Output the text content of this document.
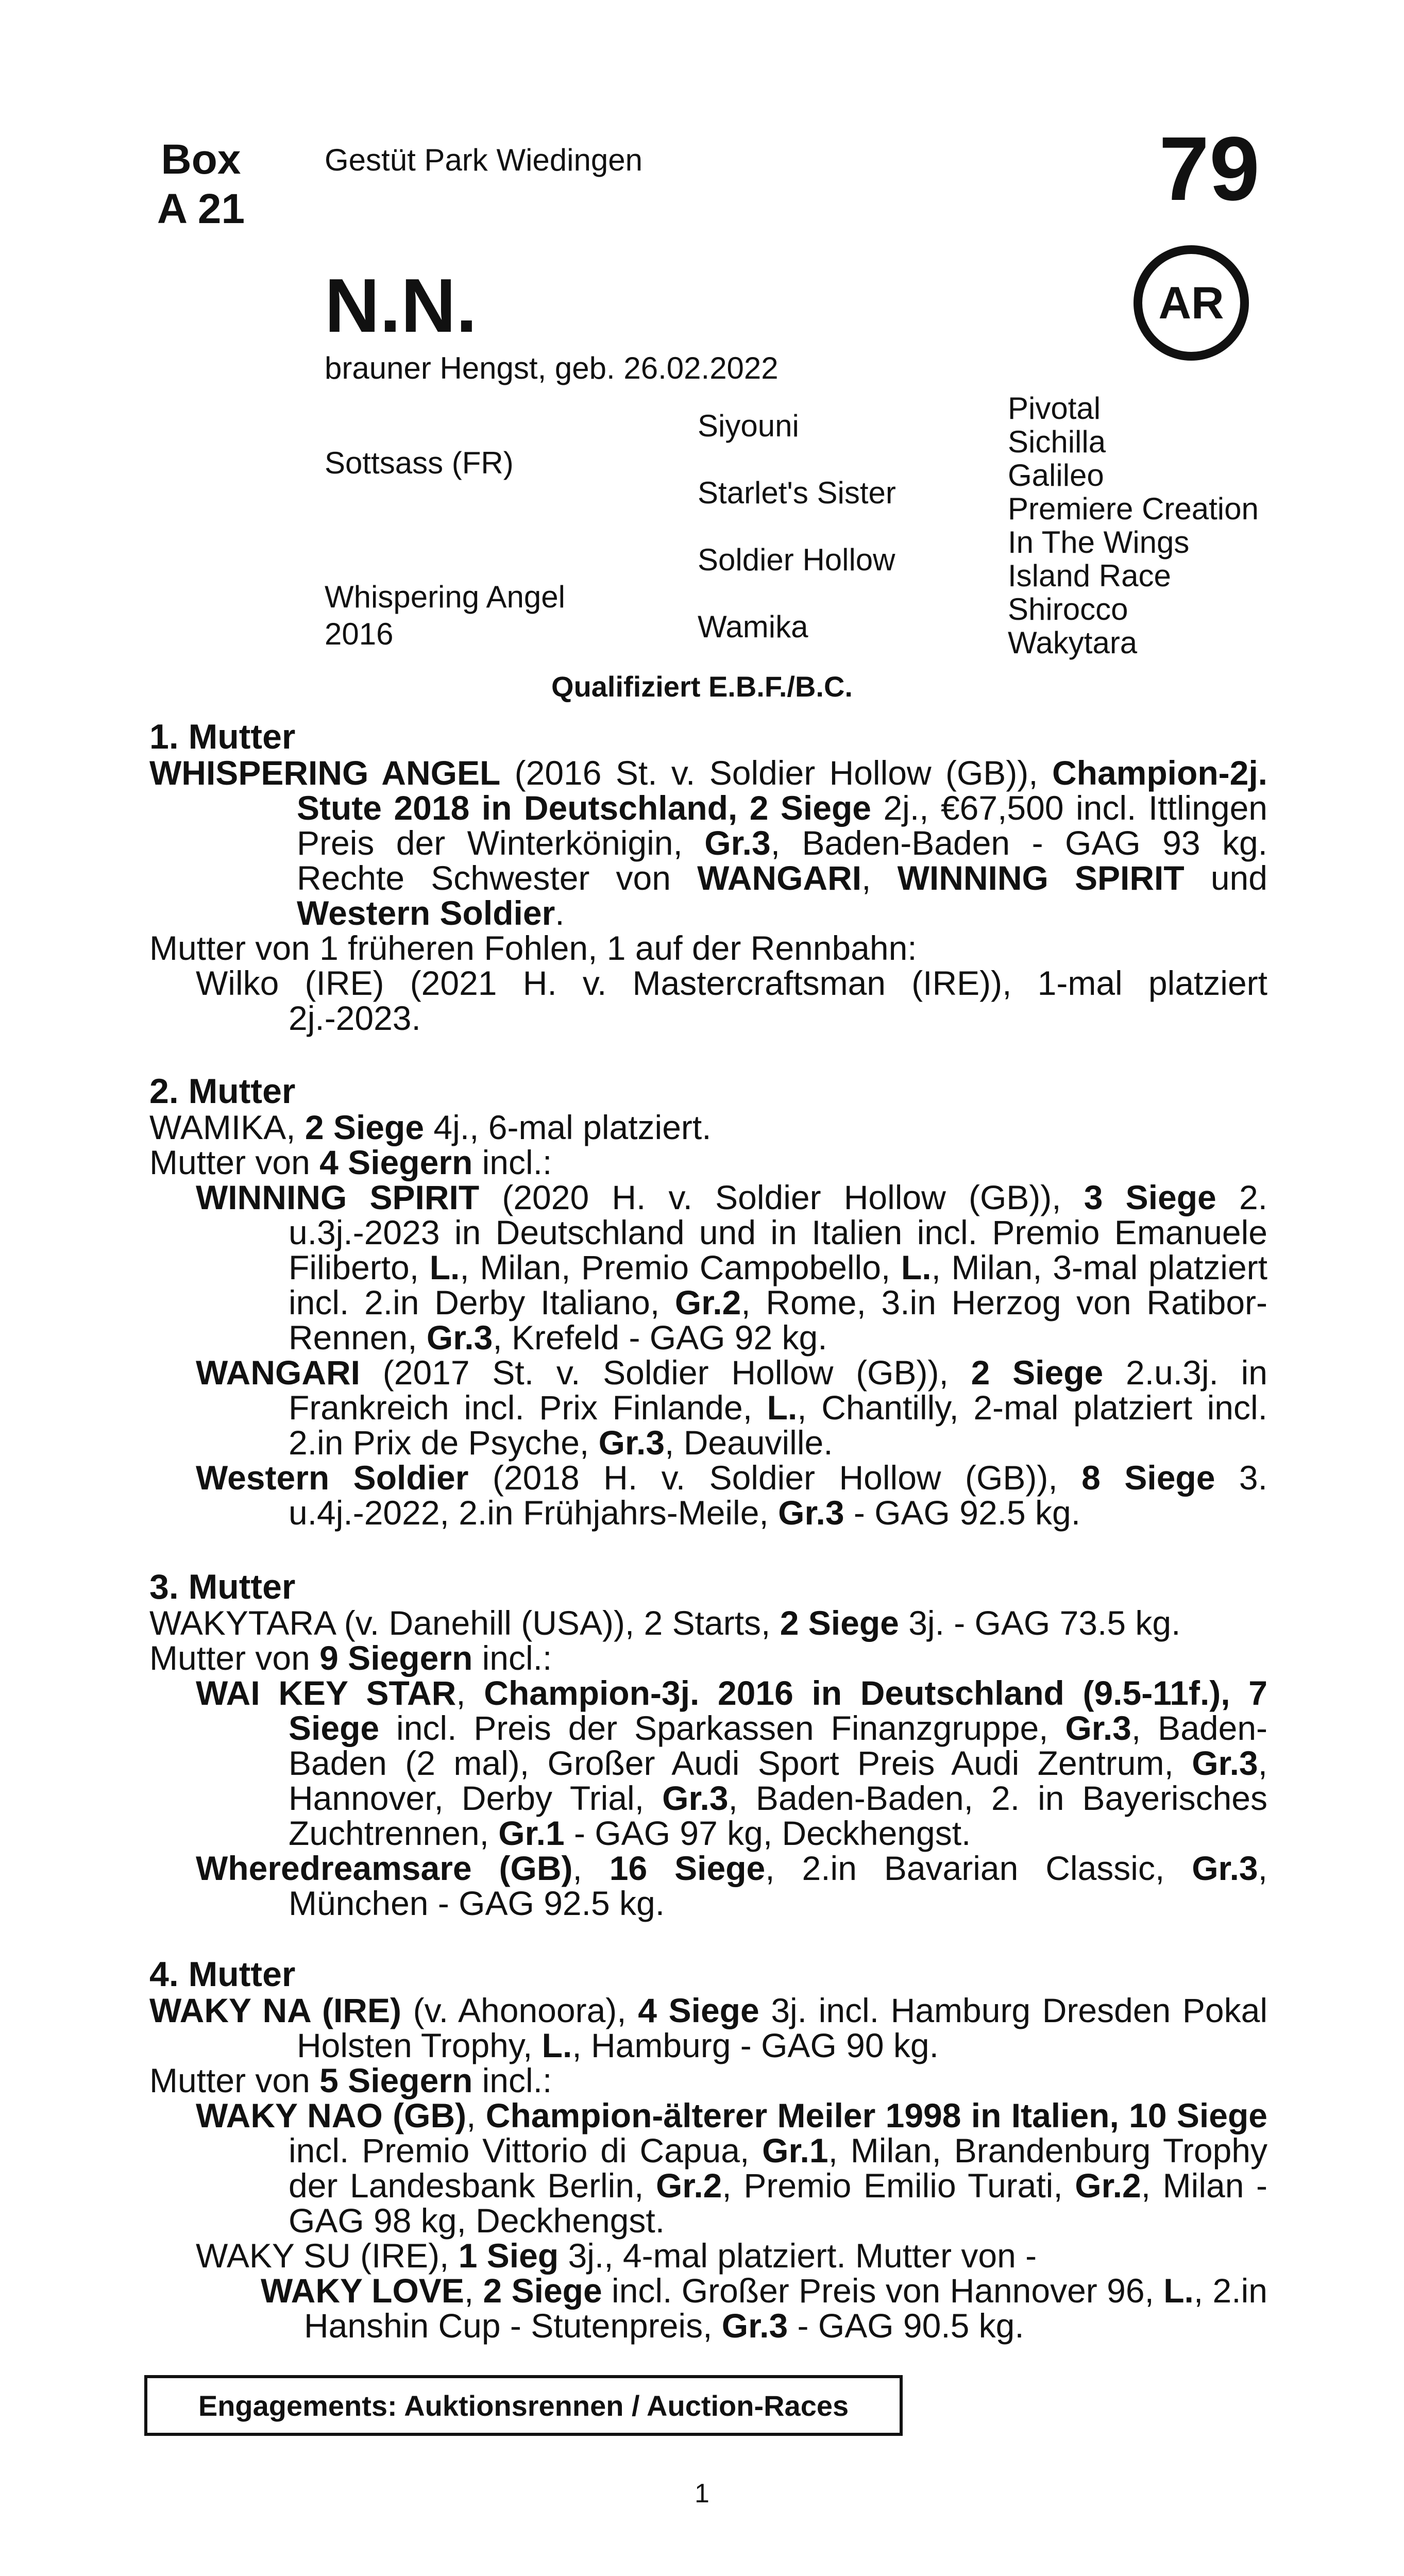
Box
A 21
Gestüt Park Wiedingen	79
AR
N.N.
brauner Hengst, geb. 26.02.2022
Sottsass (FR)
Whispering Angel
2016
Siyouni
Starlet's Sister
Soldier Hollow
Wamika
Pivotal
Sichilla
Galileo
Premiere Creation
In The Wings
Island Race
Shirocco
Wakytara
Qualifiziert E.B.F./B.C.
1. Mutter
WHISPERING ANGEL (2016 St. v. Soldier Hollow (GB)), Champion-2j. Stute 2018 in Deutschland, 2 Siege 2j., €67,500 incl. Ittlingen Preis der Winterkönigin, Gr.3, Baden-Baden - GAG 93 kg. Rechte Schwester von WANGARI, WINNING SPIRIT und Western Soldier.
Mutter von 1 früheren Fohlen, 1 auf der Rennbahn:
Wilko (IRE) (2021 H. v. Mastercraftsman (IRE)), 1-mal platziert 2j.-2023.
2. Mutter
WAMIKA, 2 Siege 4j., 6-mal platziert.
Mutter von 4 Siegern incl.:
WINNING SPIRIT (2020 H. v. Soldier Hollow (GB)), 3 Siege 2. u.3j.-2023 in Deutschland und in Italien incl. Premio Emanuele Filiberto, L., Milan, Premio Campobello, L., Milan, 3-mal platziert incl. 2.in Derby Italiano, Gr.2, Rome, 3.in Herzog von Ratibor-Rennen, Gr.3, Krefeld - GAG 92 kg.
WANGARI (2017 St. v. Soldier Hollow (GB)), 2 Siege 2.u.3j. in Frankreich incl. Prix Finlande, L., Chantilly, 2-mal platziert incl. 2.in Prix de Psyche, Gr.3, Deauville.
Western Soldier (2018 H. v. Soldier Hollow (GB)), 8 Siege 3. u.4j.-2022, 2.in Frühjahrs-Meile, Gr.3 - GAG 92.5 kg.
3. Mutter
WAKYTARA (v. Danehill (USA)), 2 Starts, 2 Siege 3j. - GAG 73.5 kg.
Mutter von 9 Siegern incl.:
WAI KEY STAR, Champion-3j. 2016 in Deutschland (9.5-11f.), 7 Siege incl. Preis der Sparkassen Finanzgruppe, Gr.3, Baden-Baden (2 mal), Großer Audi Sport Preis Audi Zentrum, Gr.3, Hannover, Derby Trial, Gr.3, Baden-Baden, 2. in Bayerisches Zuchtrennen, Gr.1 - GAG 97 kg, Deckhengst.
Wheredreamsare (GB), 16 Siege, 2.in Bavarian Classic, Gr.3, München - GAG 92.5 kg.
4. Mutter
WAKY NA (IRE) (v. Ahonoora), 4 Siege 3j. incl. Hamburg Dresden Pokal Holsten Trophy, L., Hamburg - GAG 90 kg.
Mutter von 5 Siegern incl.:
WAKY NAO (GB), Champion-älterer Meiler 1998 in Italien, 10 Siege incl. Premio Vittorio di Capua, Gr.1, Milan, Brandenburg Trophy der Landesbank Berlin, Gr.2, Premio Emilio Turati, Gr.2, Milan - GAG 98 kg, Deckhengst.
WAKY SU (IRE), 1 Sieg 3j., 4-mal platziert. Mutter von -
WAKY LOVE, 2 Siege incl. Großer Preis von Hannover 96, L., 2.in Hanshin Cup - Stutenpreis, Gr.3 - GAG 90.5 kg.
Engagements: Auktionsrennen / Auction-Races
1
